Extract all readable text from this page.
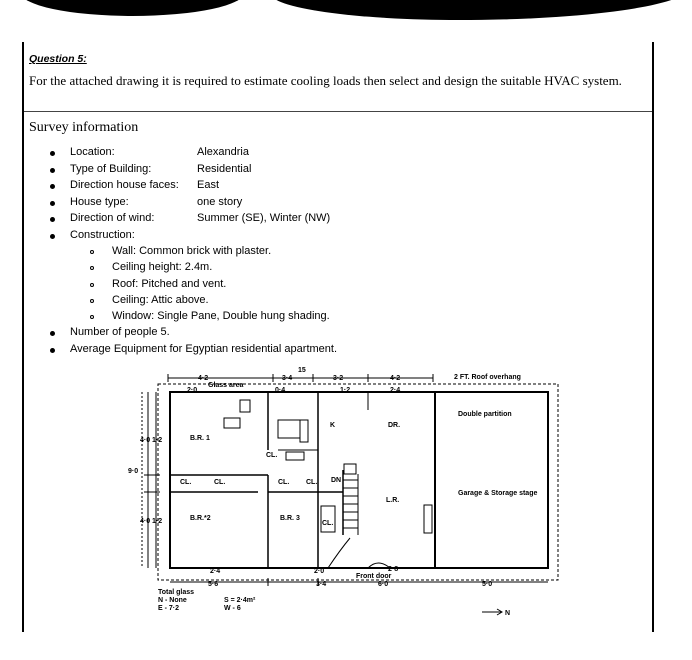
Question 5:

For the attached drawing it is required to estimate cooling loads then select and design the suitable HVAC system.

Survey information

Location:	Alexandria
Type of Building:	Residential
Direction house faces: East
House type:	one story
Direction of wind:	Summer (SE), Winter (NW)
Construction:
Wall: Common brick with plaster.
Ceiling height: 2.4m.
Roof: Pitched and vent.
Ceiling: Attic above.
Window: Single Pane, Double hung shading.
Number of people 5.
Average Equipment for Egyptian residential apartment.
15
4·2
Glass area
3·4	3·2	4·2
2·0	0·4	1·2	2·4
2 FT. Roof overhang
Double partition
B.R. 1
K	DR.
L.R.
Garage & Storage stage
B.R.*2	B.R. 3
CL.	CL.	CL. CL.
CL.
CL.
DN
4·0 1·2
9·0
4·0 1·2
2·4	2·0	2·8
Front door
6·0
5·6	3·4	5·0
Total glass
N - None
E - 7·2
S = 2·4m²
W - 6
N
